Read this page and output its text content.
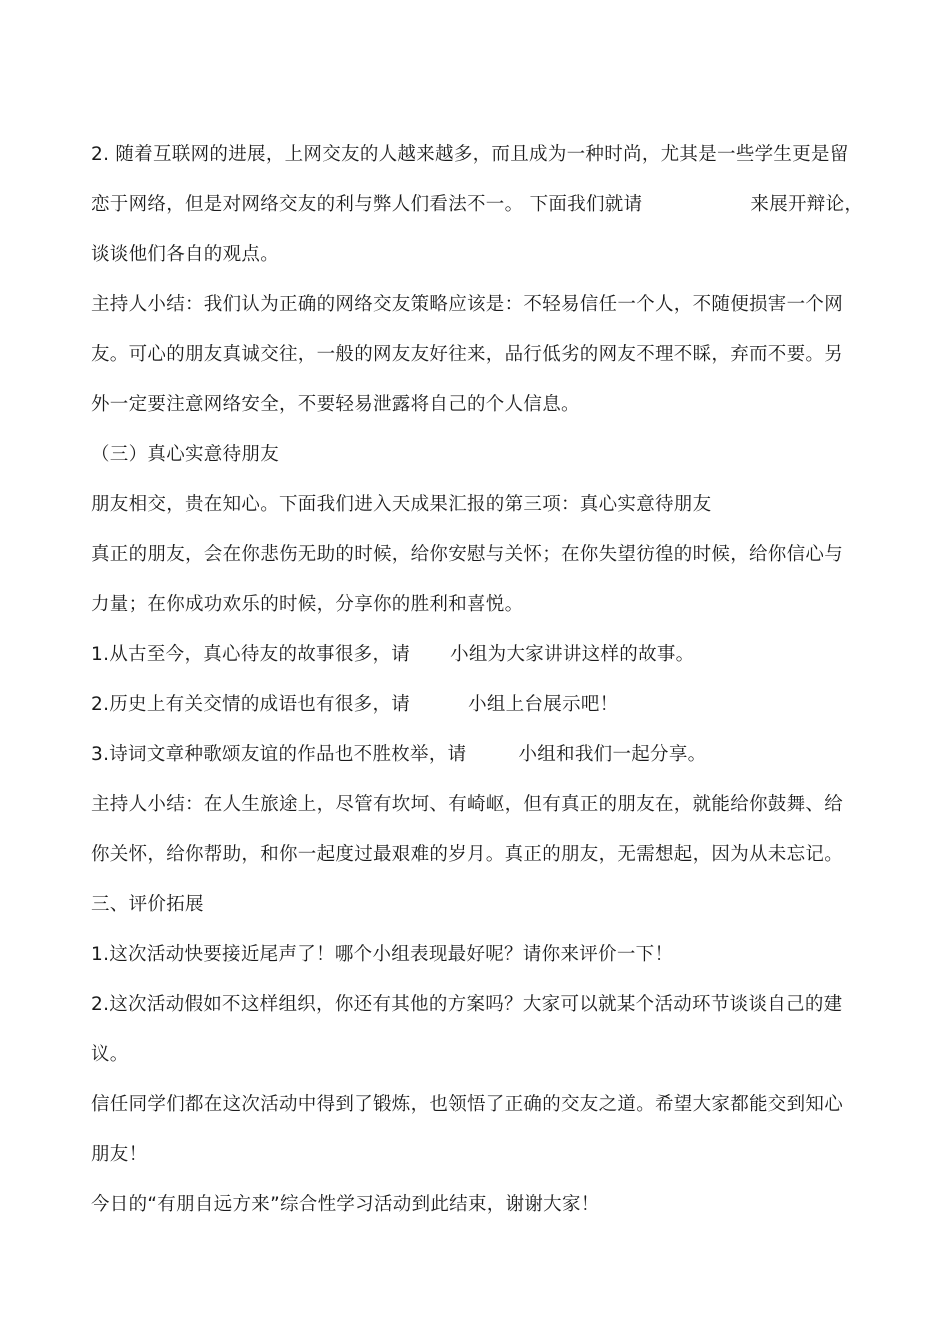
2. 随着互联网的进展，上网交友的人越来越多，而且成为一种时尚，尤其是一些学生更是留
恋于网络，但是对网络交友的利与弊人们看法不一。 下面我们就请	来展开辩论，
谈谈他们各自的观点。
主持人小结：我们认为正确的网络交友策略应该是：不轻易信任一个人，不随便损害一个网
友。可心的朋友真诚交往，一般的网友友好往来，品行低劣的网友不理不睬，弃而不要。另
外一定要注意网络安全，不要轻易泄露将自己的个人信息。
（三）真心实意待朋友
朋友相交，贵在知心。下面我们进入天成果汇报的第三项：真心实意待朋友
真正的朋友，会在你悲伤无助的时候，给你安慰与关怀；在你失望彷徨的时候，给你信心与
力量；在你成功欢乐的时候，分享你的胜利和喜悦。
1.从古至今，真心待友的故事很多，请 小组为大家讲讲这样的故事。
2.历史上有关交情的成语也有很多，请	小组上台展示吧！
3.诗词文章种歌颂友谊的作品也不胜枚举，请	小组和我们一起分享。
主持人小结：在人生旅途上，尽管有坎坷、有崎岖，但有真正的朋友在，就能给你鼓舞、给
你关怀，给你帮助，和你一起度过最艰难的岁月。真正的朋友，无需想起，因为从未忘记。
三、评价拓展
1.这次活动快要接近尾声了！哪个小组表现最好呢？请你来评价一下！
2.这次活动假如不这样组织，你还有其他的方案吗？大家可以就某个活动环节谈谈自己的建
议。
信任同学们都在这次活动中得到了锻炼，也领悟了正确的交友之道。希望大家都能交到知心
朋友！
今日的“有朋自远方来”综合性学习活动到此结束，谢谢大家！
